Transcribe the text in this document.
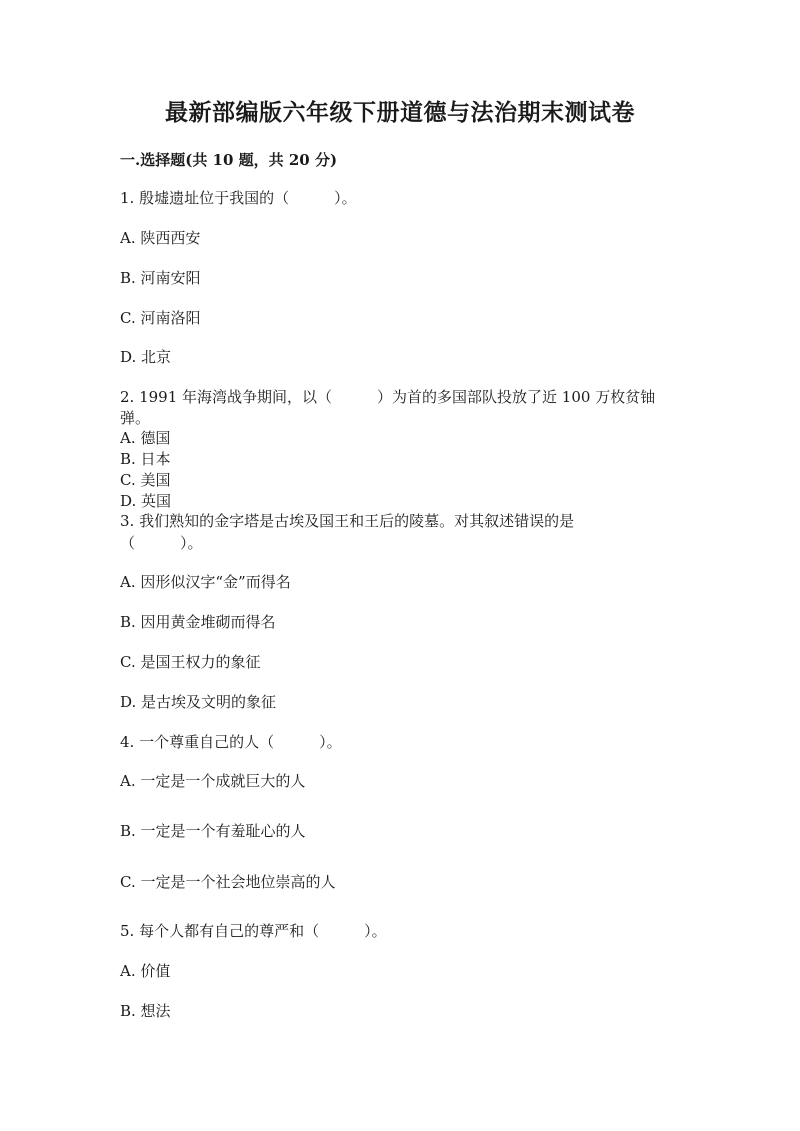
最新部编版六年级下册道德与法治期末测试卷
一.选择题(共 10 题，共 20 分)
1. 殷墟遗址位于我国的（　　　）。
A. 陕西西安
B. 河南安阳
C. 河南洛阳
D. 北京
2. 1991 年海湾战争期间，以（　　　）为首的多国部队投放了近 100 万枚贫铀
弹。
A. 德国
B. 日本
C. 美国
D. 英国
3. 我们熟知的金字塔是古埃及国王和王后的陵墓。对其叙述错误的是
（　　　）。
A. 因形似汉字“金”而得名
B. 因用黄金堆砌而得名
C. 是国王权力的象征
D. 是古埃及文明的象征
4. 一个尊重自己的人（　　　）。
A. 一定是一个成就巨大的人
B. 一定是一个有羞耻心的人
C. 一定是一个社会地位崇高的人
5. 每个人都有自己的尊严和（　　　）。
A. 价值
B. 想法
